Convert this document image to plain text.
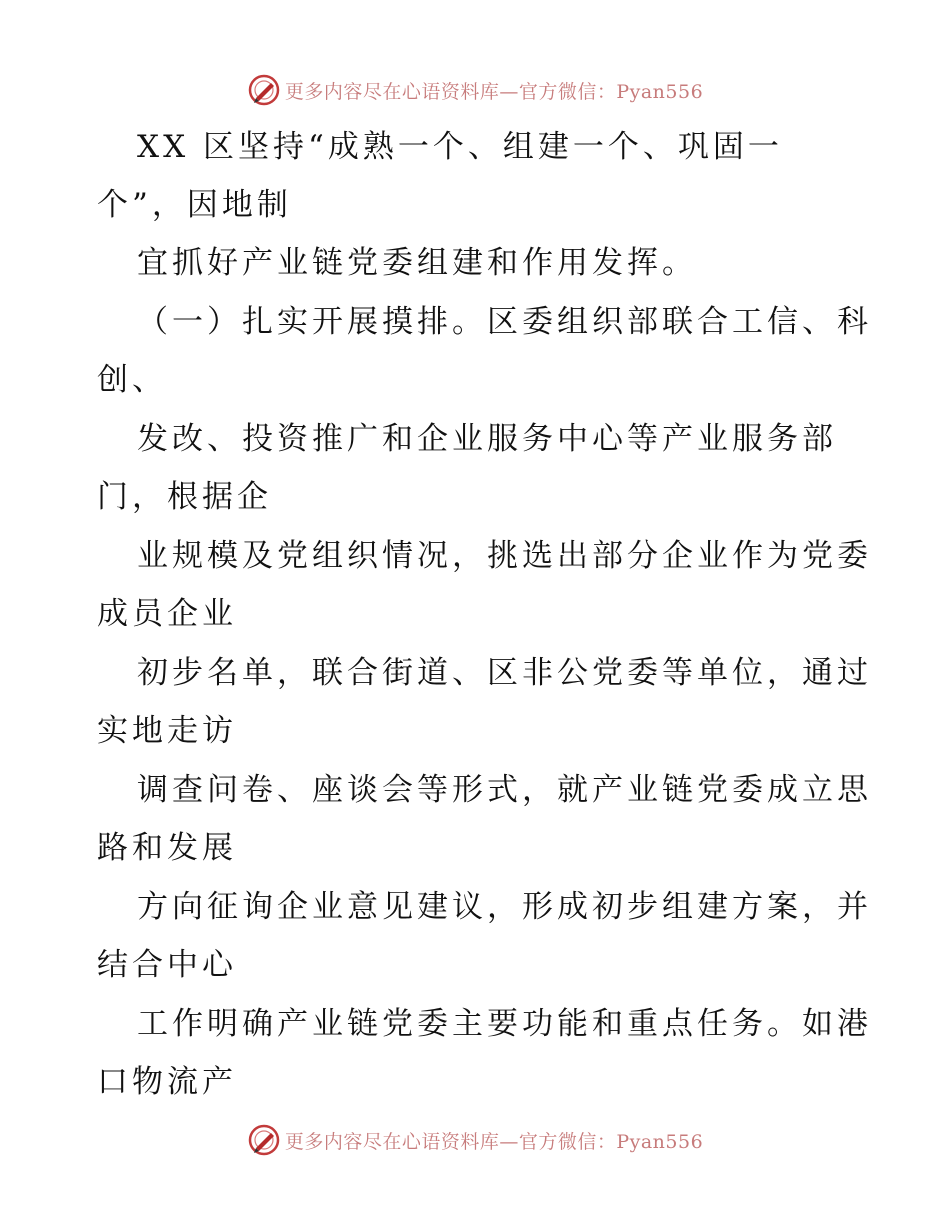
更多内容尽在心语资料库—官方微信：Pyan556
XX 区坚持“成熟一个、组建一个、巩固一
个”，因地制
宜抓好产业链党委组建和作用发挥。
（一）扎实开展摸排。区委组织部联合工信、科
创、
发改、投资推广和企业服务中心等产业服务部
门，根据企
业规模及党组织情况，挑选出部分企业作为党委
成员企业
初步名单，联合街道、区非公党委等单位，通过
实地走访
调查问卷、座谈会等形式，就产业链党委成立思
路和发展
方向征询企业意见建议，形成初步组建方案，并
结合中心
工作明确产业链党委主要功能和重点任务。如港
口物流产
更多内容尽在心语资料库—官方微信：Pyan556
